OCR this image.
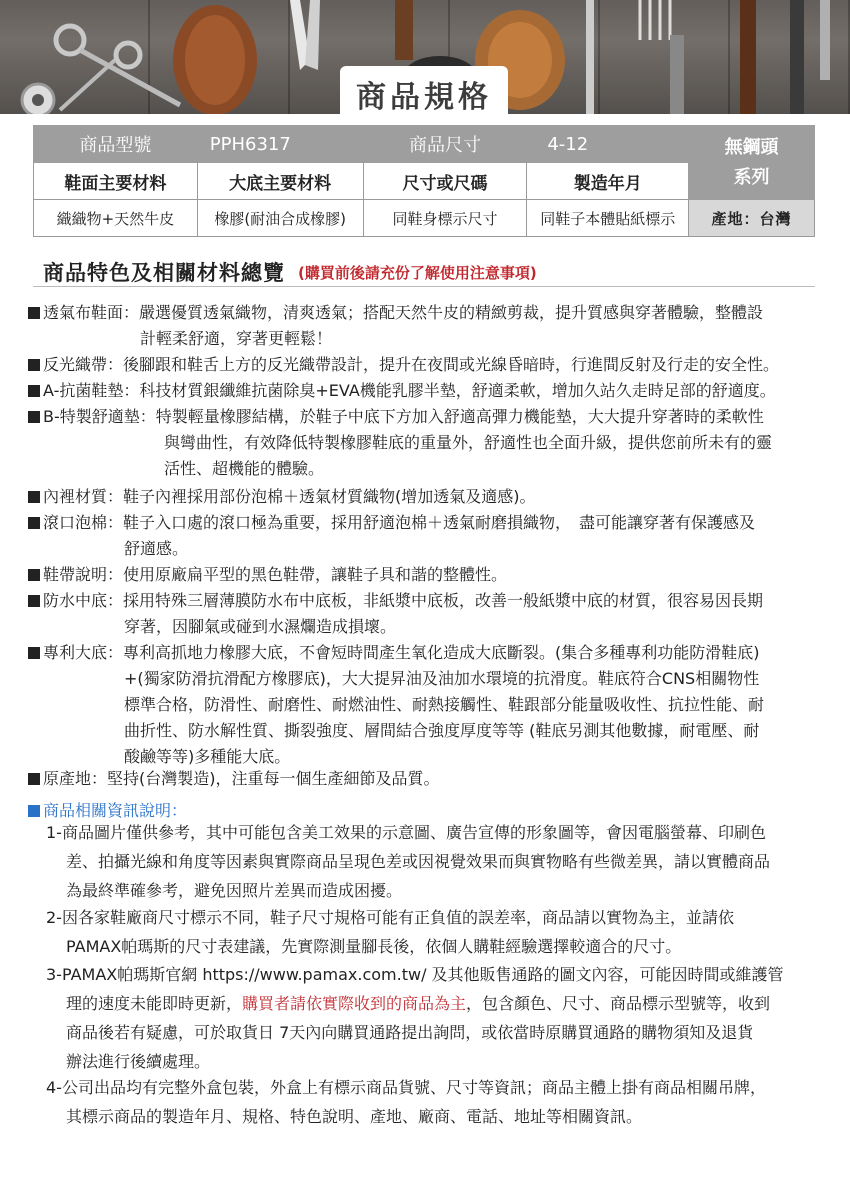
商品規格
商品型號	PPH6317	商品尺寸	4-12	無鋼頭
系列

鞋面主要材料	大底主要材料	尺寸或尺碼	製造年月	
織織物+天然牛皮	橡膠(耐油合成橡膠)	同鞋身標示尺寸	同鞋子本體貼紙標示	產地：台灣
商品特色及相關材料總覽 (購買前後請充份了解使用注意事項)
透氣布鞋面：嚴選優質透氣織物，清爽透氣；搭配天然牛皮的精緻剪裁，提升質感與穿著體驗，整體設
計輕柔舒適，穿著更輕鬆！
反光織帶：後腳跟和鞋舌上方的反光織帶設計，提升在夜間或光線昏暗時，行進間反射及行走的安全性。
A-抗菌鞋墊：科技材質銀纖維抗菌除臭+EVA機能乳膠半墊，舒適柔軟，增加久站久走時足部的舒適度。
B-特製舒適墊：特製輕量橡膠結構，於鞋子中底下方加入舒適高彈力機能墊，大大提升穿著時的柔軟性
與彎曲性，有效降低特製橡膠鞋底的重量外，舒適性也全面升級，提供您前所未有的靈
活性、超機能的體驗。
內裡材質：鞋子內裡採用部份泡棉＋透氣材質織物(增加透氣及適感)。
滾口泡棉：鞋子入口處的滾口極為重要，採用舒適泡棉＋透氣耐磨損織物，　盡可能讓穿著有保護感及
舒適感。
鞋帶說明：使用原廠扁平型的黑色鞋帶，讓鞋子具和諧的整體性。
防水中底：採用特殊三層薄膜防水布中底板，非紙漿中底板，改善一般紙漿中底的材質，很容易因長期
穿著，因腳氣或碰到水濕爛造成損壞。
專利大底：專利高抓地力橡膠大底，不會短時間產生氧化造成大底斷裂。(集合多種專利功能防滑鞋底)
+(獨家防滑抗滑配方橡膠底)，大大提昇油及油加水環境的抗滑度。鞋底符合CNS相關物性
標準合格，防滑性、耐磨性、耐燃油性、耐熱接觸性、鞋跟部分能量吸收性、抗拉性能、耐
曲折性、防水解性質、撕裂強度、層間結合強度厚度等等 (鞋底另測其他數據，耐電壓、耐
酸鹼等等)多種能大底。
原產地：堅持(台灣製造)，注重每一個生產細節及品質。
商品相關資訊說明：
1-商品圖片僅供參考，其中可能包含美工效果的示意圖、廣告宣傳的形象圖等，會因電腦螢幕、印刷色
差、拍攝光線和角度等因素與實際商品呈現色差或因視覺效果而與實物略有些微差異，請以實體商品
為最終準確參考，避免因照片差異而造成困擾。
2-因各家鞋廠商尺寸標示不同，鞋子尺寸規格可能有正負值的誤差率，商品請以實物為主，並請依
PAMAX帕瑪斯的尺寸表建議，先實際測量腳長後，依個人購鞋經驗選擇較適合的尺寸。
3-PAMAX帕瑪斯官網 https://www.pamax.com.tw/ 及其他販售通路的圖文內容，可能因時間或維護管
理的速度未能即時更新，購買者請依實際收到的商品為主，包含顏色、尺寸、商品標示型號等，收到
商品後若有疑慮，可於取貨日 7天內向購買通路提出詢問，或依當時原購買通路的購物須知及退貨
辦法進行後續處理。
4-公司出品均有完整外盒包裝，外盒上有標示商品貨號、尺寸等資訊；商品主體上掛有商品相關吊牌，
其標示商品的製造年月、規格、特色說明、產地、廠商、電話、地址等相關資訊。
